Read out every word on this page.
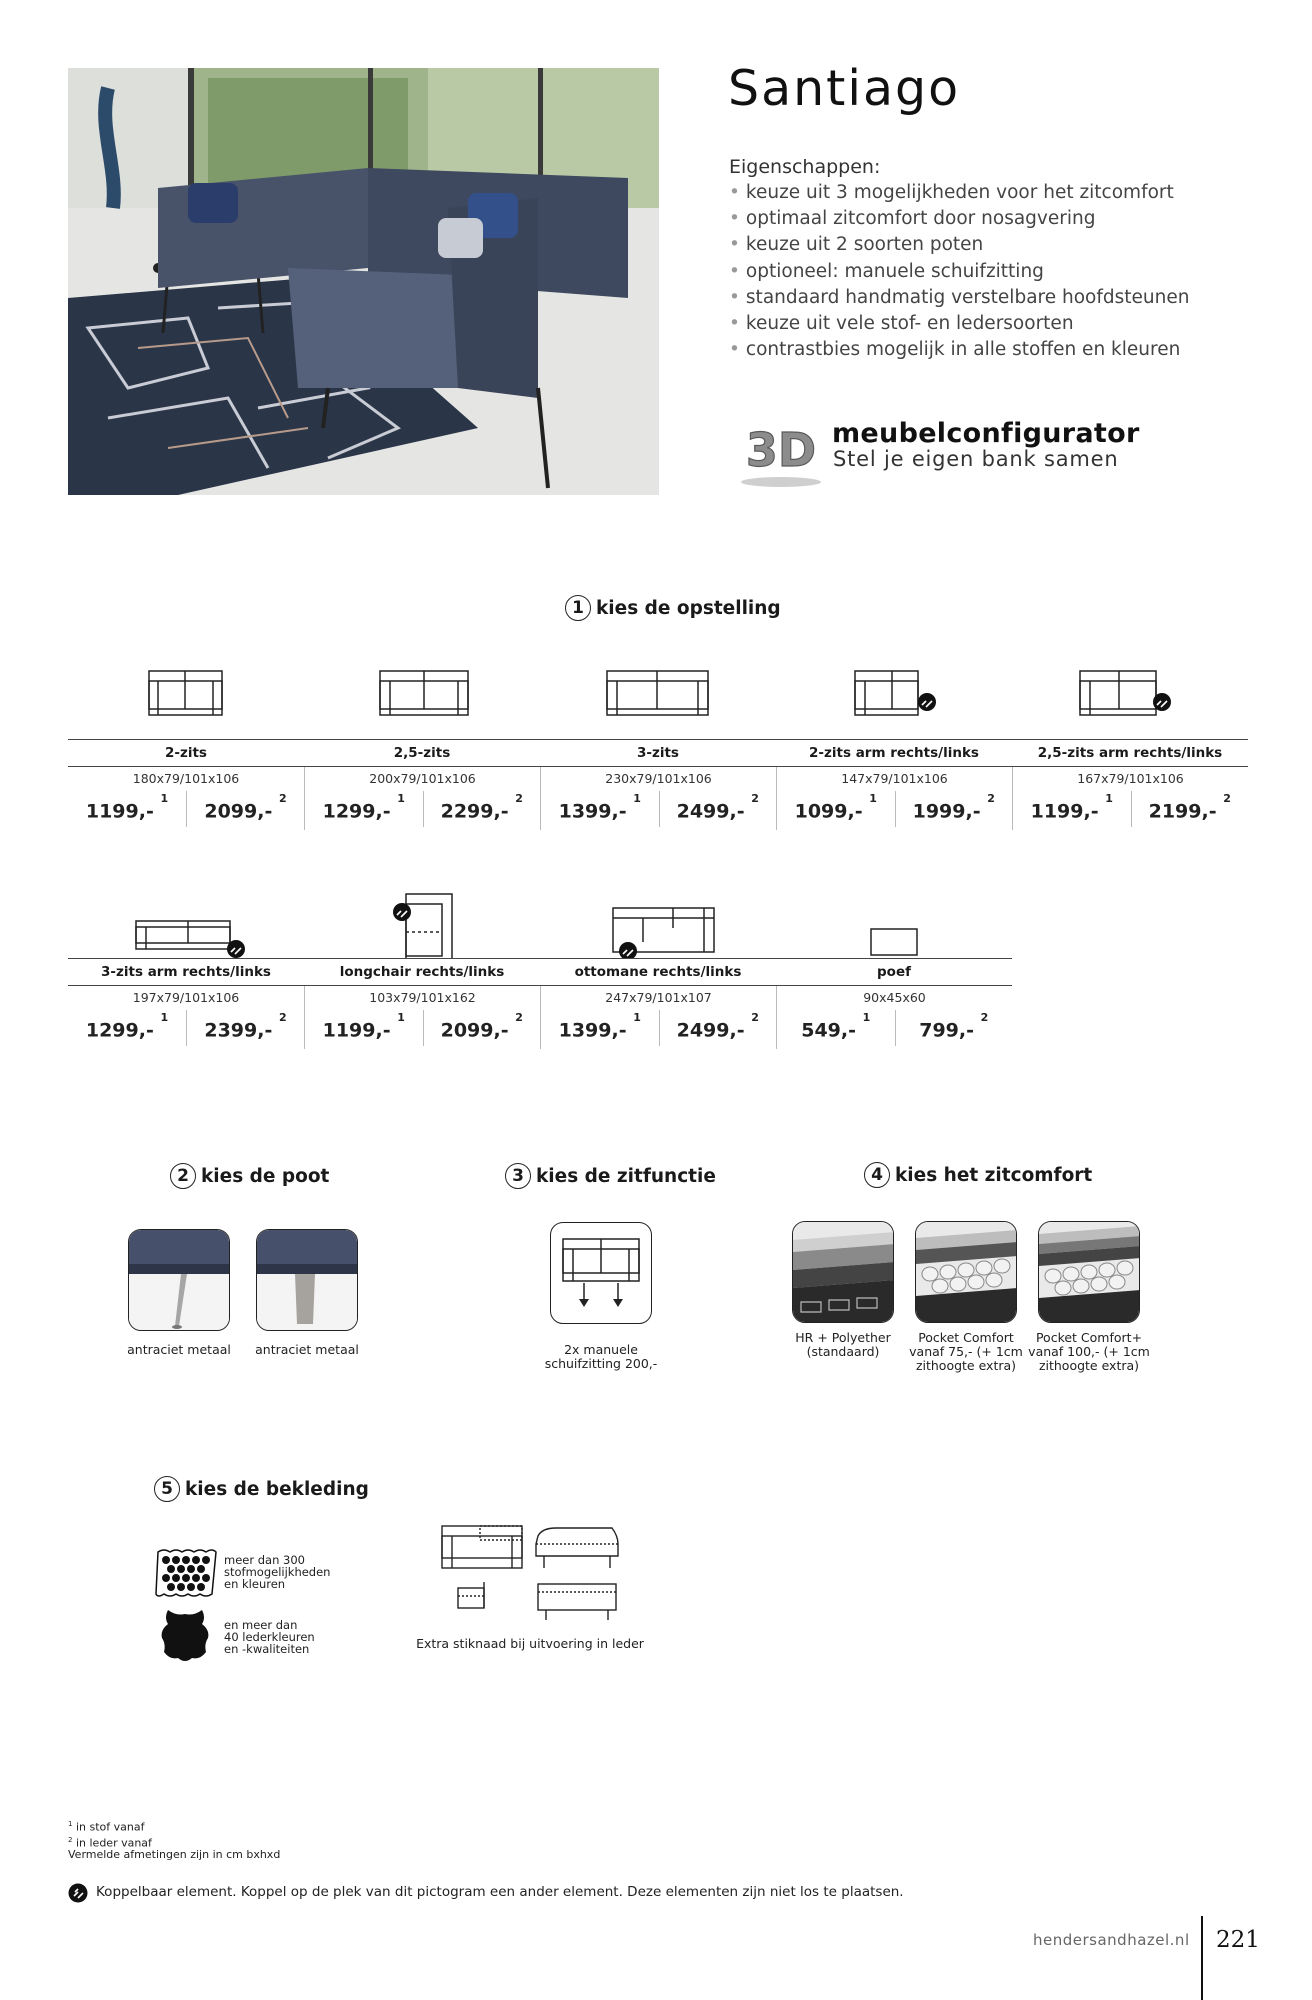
Santiago
Eigenschappen:
• keuze uit 3 mogelijkheden voor het zitcomfort
• optimaal zitcomfort door nosagvering
• keuze uit 2 soorten poten
• optioneel: manuele schuifzitting
• standaard handmatig verstelbare hoofdsteunen
• keuze uit vele stof- en ledersoorten
• contrastbies mogelijk in alle stoffen en kleuren
3D meubelconfigurator
Stel je eigen bank samen
1 kies de opstelling
2-zits
180x79/101x106
1199,- $^1$
2099,- $^2$
2,5-zits
200x79/101x106
1299,- $^1$
2299,- $^2$
3-zits
230x79/101x106
1399,- $^1$
2499,- $^2$
2-zits arm rechts/links
147x79/101x106
1099,- $^1$
1999,- $^2$
2,5-zits arm rechts/links
167x79/101x106
1199,- $^1$
2199,- $^2$
3-zits arm rechts/links
197x79/101x106
1299,- $^1$
2399,- $^2$
longchair rechts/links
103x79/101x162
1199,- $^1$
2099,- $^2$
ottomane rechts/links
247x79/101x107
1399,- $^1$
2499,- $^2$
poef
90x45x60
549,- $^1$
799,- $^2$
2 kies de poot
antraciet metaal	antraciet metaal
3 kies de zitfunctie
2x manuele
schuifzitting 200,-
4 kies het zitcomfort
HR + Polyether
(standaard)
Pocket Comfort
vanaf 75,- (+ 1cm
zithoogte extra)
Pocket Comfort+
vanaf 100,- (+ 1cm
zithoogte extra)
5 kies de bekleding
meer dan 300
stofmogelijkheden
en kleuren
en meer dan
40 lederkleuren
en -kwaliteiten	Extra stiknaad bij uitvoering in leder
$^1$ in stof vanaf
$^2$ in leder vanaf
Vermelde afmetingen zijn in cm bxhxd
Koppelbaar element. Koppel op de plek van dit pictogram een ander element. Deze elementen zijn niet los te plaatsen.
hendersandhazel.nl 221
